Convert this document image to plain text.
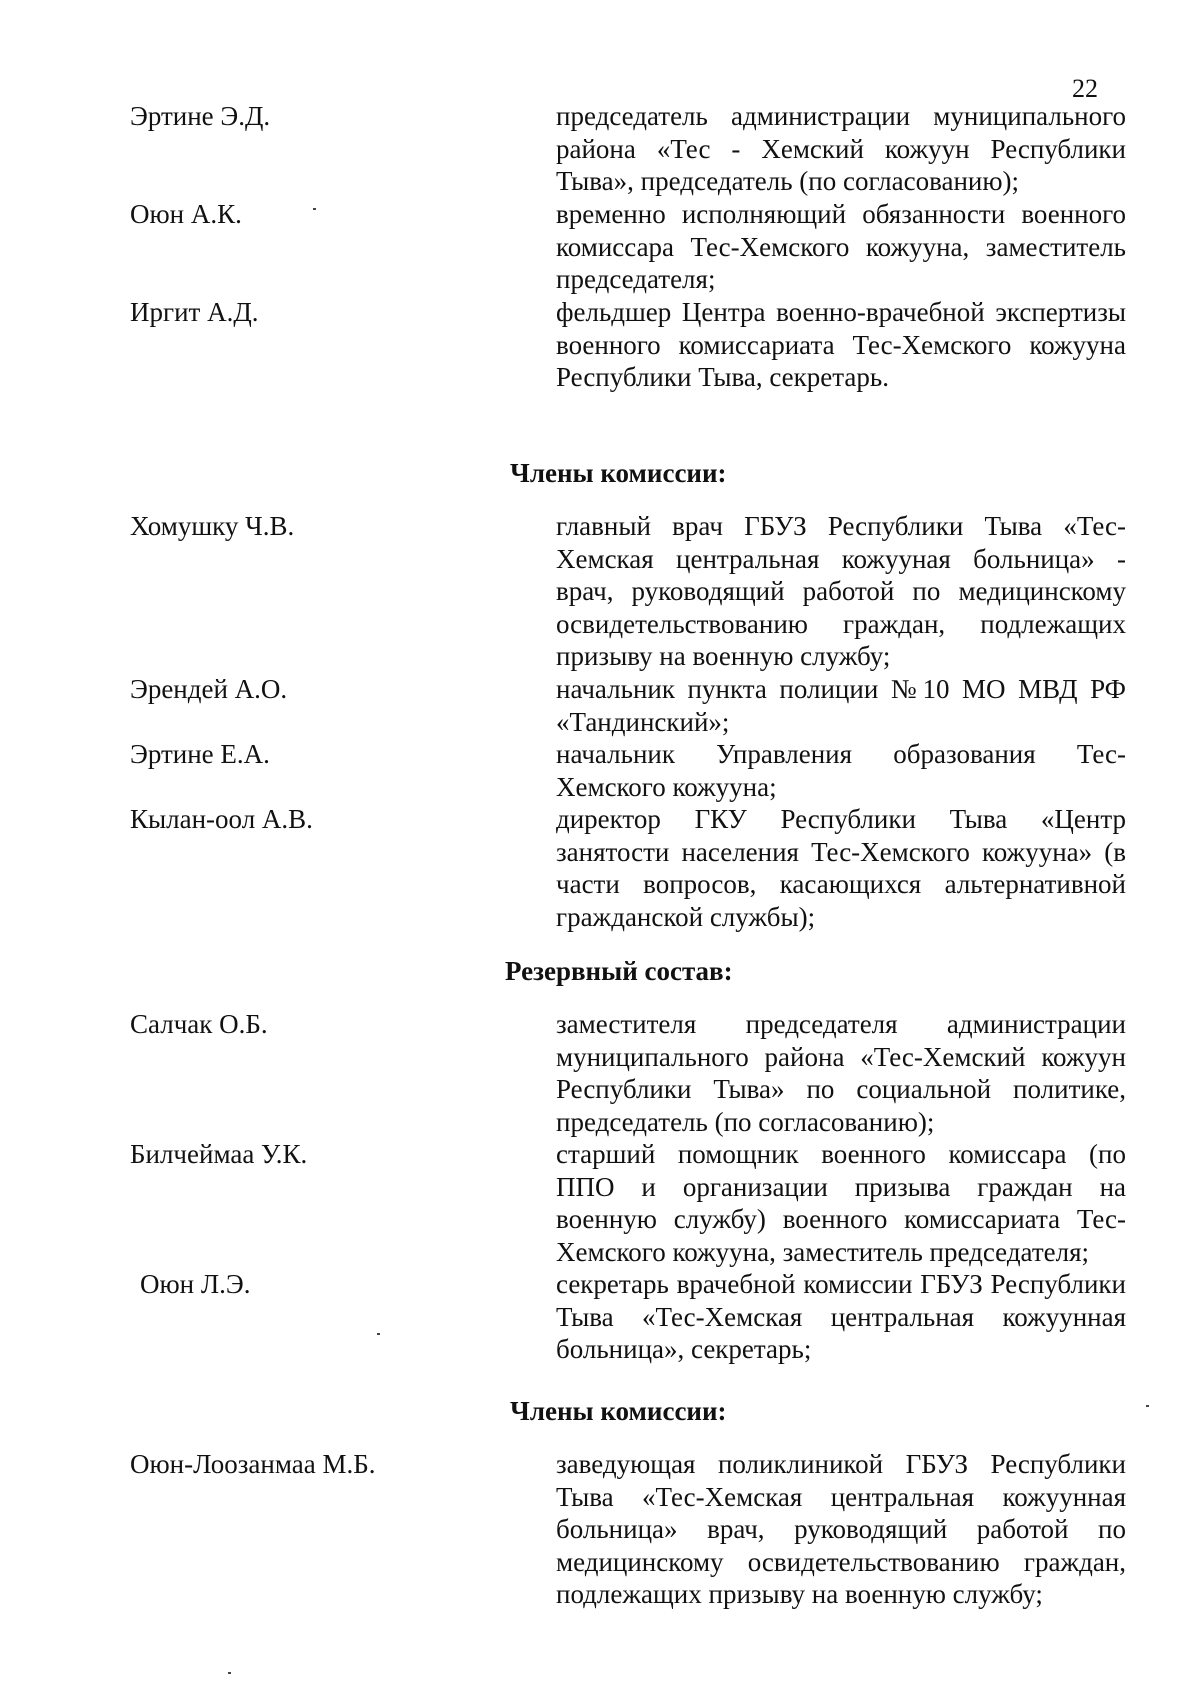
22
Эртине Э.Д.	председатель администрации муниципального района «Тес - Хемский кожуун Республики Тыва», председатель (по согласованию);
Оюн А.К.	временно исполняющий обязанности военного комиссара Тес-Хемского кожууна, заместитель председателя;
Иргит А.Д.	фельдшер Центра военно-врачебной экспертизы военного комиссариата Тес-Хемского кожууна Республики Тыва, секретарь.
Члены комиссии:
Хомушку Ч.В.	главный врач ГБУЗ Республики Тыва «Тес-Хемская центральная кожууная больница» - врач, руководящий работой по медицинскому освидетельствованию граждан, подлежащих призыву на военную службу;
Эрендей А.О.	начальник пункта полиции №10 МО МВД РФ «Тандинский»;
Эртине Е.А.	начальник Управления образования Тес-Хемского кожууна;
Кылан-оол А.В.	директор ГКУ Республики Тыва «Центр занятости населения Тес-Хемского кожууна» (в части вопросов, касающихся альтернативной гражданской службы);
Резервный состав:
Салчак О.Б.	заместителя председателя администрации муниципального района «Тес-Хемский кожуун Республики Тыва» по социальной политике, председатель (по согласованию);
Билчеймаа У.К.	старший помощник военного комиссара (по ППО и организации призыва граждан на военную службу) военного комиссариата Тес-Хемского кожууна, заместитель председателя;
Оюн Л.Э.	секретарь врачебной комиссии ГБУЗ Республики Тыва «Тес-Хемская центральная кожуунная больница», секретарь;
Члены комиссии:
Оюн-Лоозанмаа М.Б.	заведующая поликлиникой ГБУЗ Республики Тыва «Тес-Хемская центральная кожуунная больница» врач, руководящий работой по медицинскому освидетельствованию граждан, подлежащих призыву на военную службу;
